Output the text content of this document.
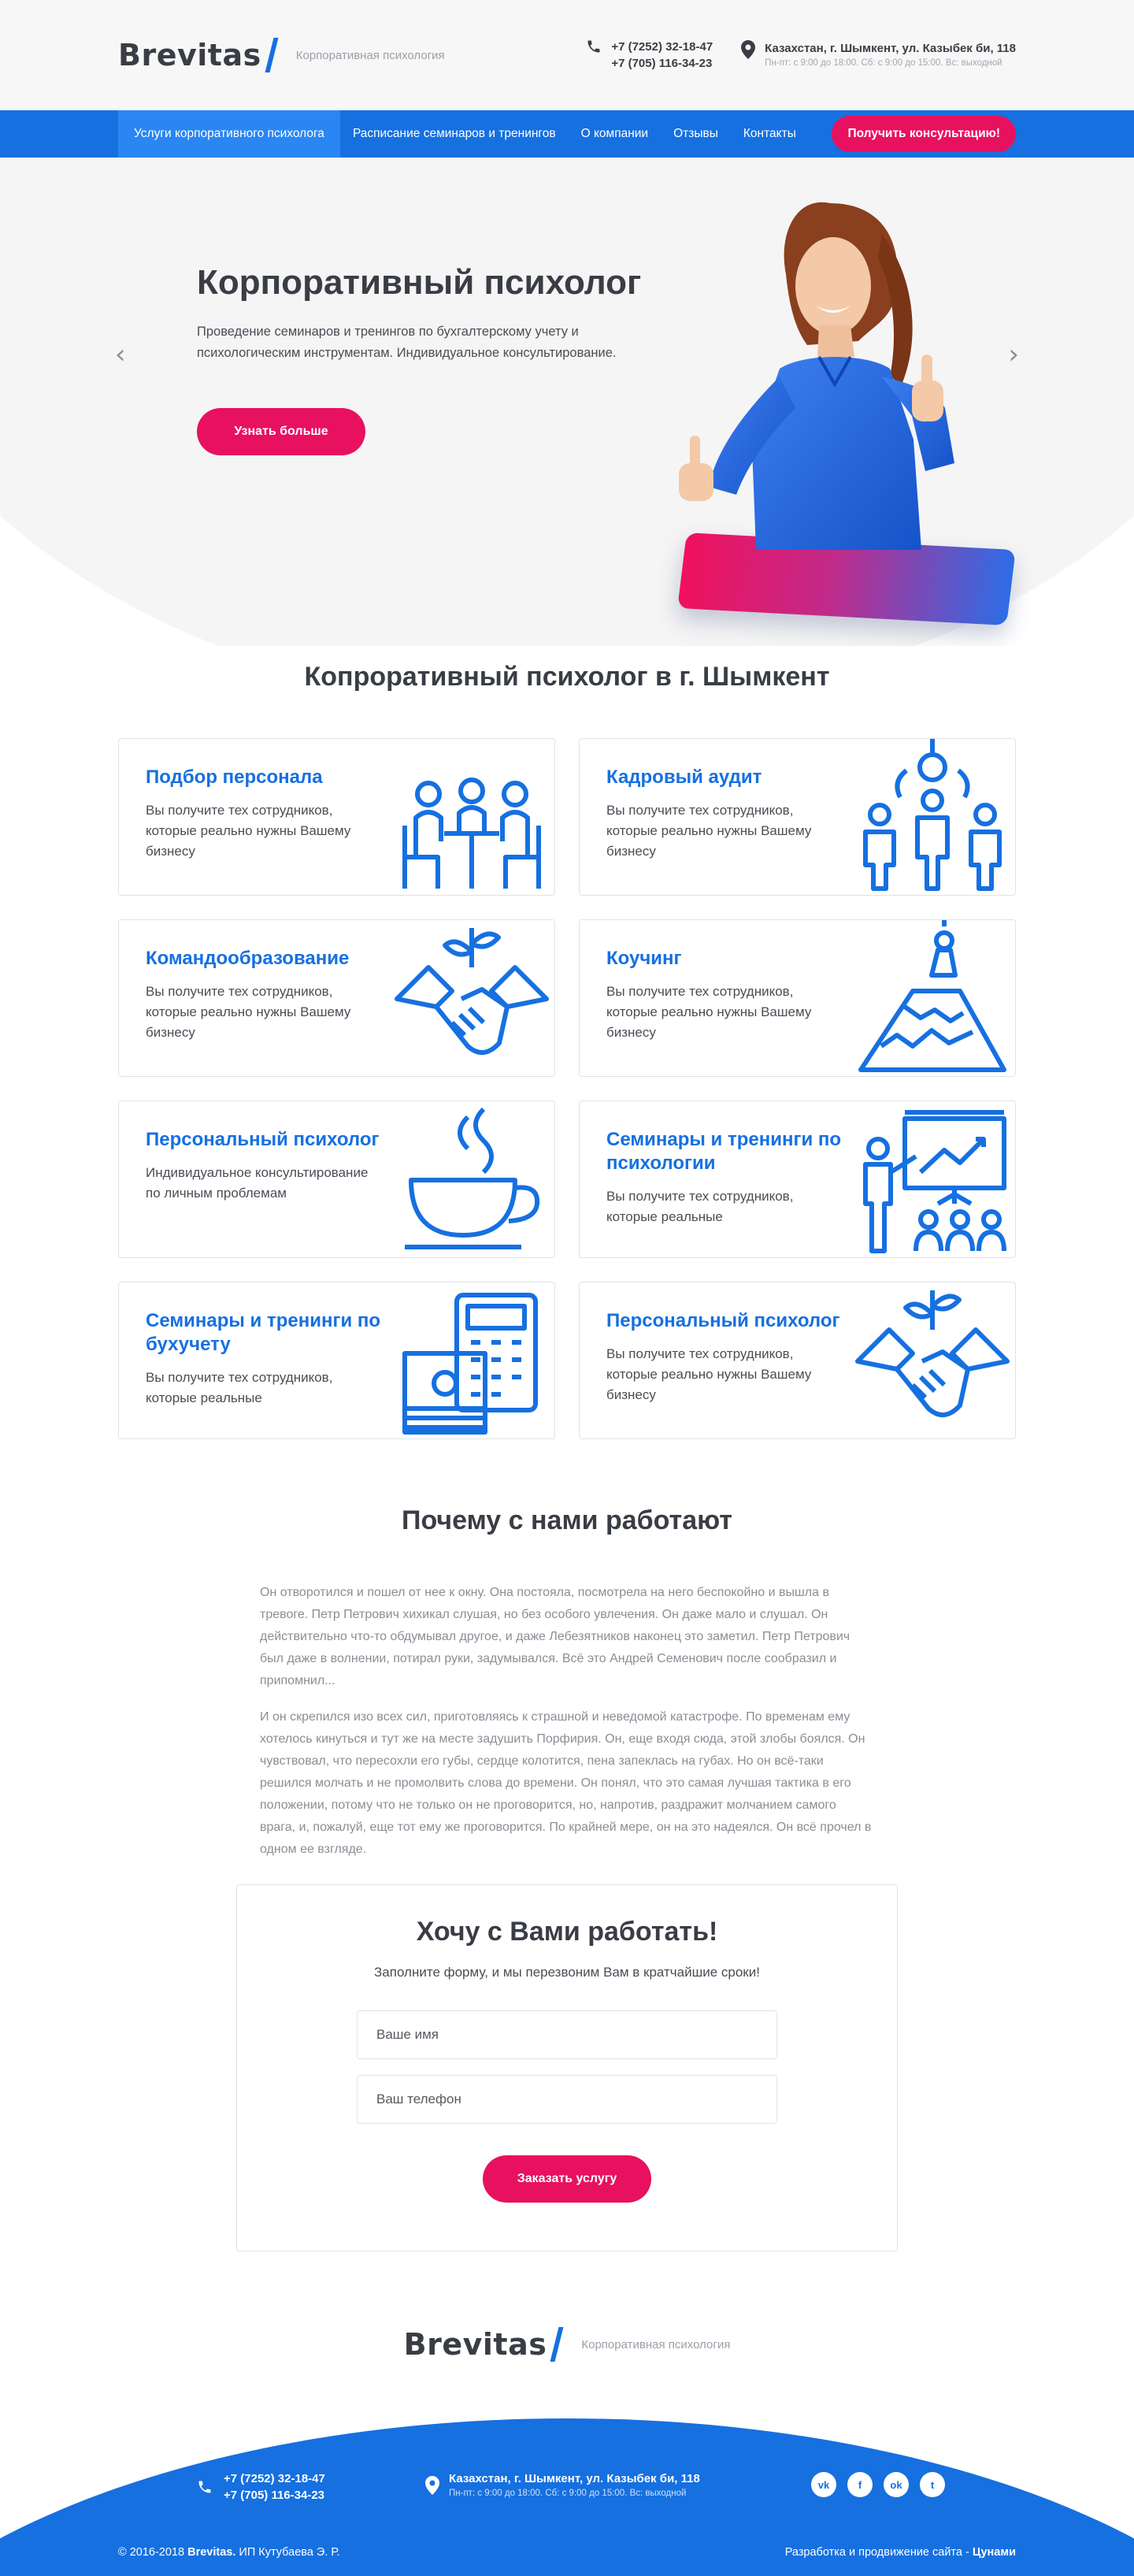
Brevitas	Корпоративная психология
+7 (7252) 32-18-47
+7 (705) 116-34-23
Казахстан, г. Шымкент, ул. Казыбек би, 118
Пн-пт: с 9:00 до 18:00. Сб: с 9:00 до 15:00. Вс: выходной
Услуги корпоративного психолога	Расписание семинаров и тренингов	О компании	Отзывы	Контакты	Получить консультацию!
‹	›
Корпоративный психолог

Проведение семинаров и тренингов по бухгалтерскому учету и психологическим инструментам. Индивидуальное консультирование.

Узнать больше
Копроративный психолог в г. Шымкент
Подбор персонала
Вы получите тех сотрудников, которые реально нужны Вашему бизнесу
Кадровый аудит
Вы получите тех сотрудников, которые реально нужны Вашему бизнесу
Командообразование
Вы получите тех сотрудников, которые реально нужны Вашему бизнесу
Коучинг
Вы получите тех сотрудников, которые реально нужны Вашему бизнесу
Персональный психолог
Индивидуальное консультирование по личным проблемам
Семинары и тренинги по психологии
Вы получите тех сотрудников, которые реальные
Семинары и тренинги по бухучету
Вы получите тех сотрудников, которые реальные
Персональный психолог
Вы получите тех сотрудников, которые реально нужны Вашему бизнесу
Почему с нами работают

Он отворотился и пошел от нее к окну. Она постояла, посмотрела на него беспокойно и вышла в тревоге. Петр Петрович хихикал слушая, но без особого увлечения. Он даже мало и слушал. Он действительно что-то обдумывал другое, и даже Лебезятников наконец это заметил. Петр Петрович был даже в волнении, потирал руки, задумывался. Всё это Андрей Семенович после сообразил и припомнил...

И он скрепился изо всех сил, приготовляясь к страшной и неведомой катастрофе. По временам ему хотелось кинуться и тут же на месте задушить Порфирия. Он, еще входя сюда, этой злобы боялся. Он чувствовал, что пересохли его губы, сердце колотится, пена запеклась на губах. Но он всё-таки решился молчать и не промолвить слова до времени. Он понял, что это самая лучшая тактика в его положении, потому что не только он не проговорится, но, напротив, раздражит молчанием самого врага, и, пожалуй, еще тот ему же проговорится. По крайней мере, он на это надеялся. Он всё прочел в одном ее взгляде.

Хочу с Вами работать!
Заполните форму, и мы перезвоним Вам в кратчайшие сроки!
Ваше имя
Ваш телефон
Заказать услугу
Brevitas	Корпоративная психология
+7 (7252) 32-18-47
+7 (705) 116-34-23
Казахстан, г. Шымкент, ул. Казыбек би, 118
Пн-пт: с 9:00 до 18:00. Сб: с 9:00 до 15:00. Вс: выходной
vk	f	ok	t
© 2016-2018 Brevitas. ИП Кутубаева Э. Р.	Разработка и продвижение сайта - Цунами
